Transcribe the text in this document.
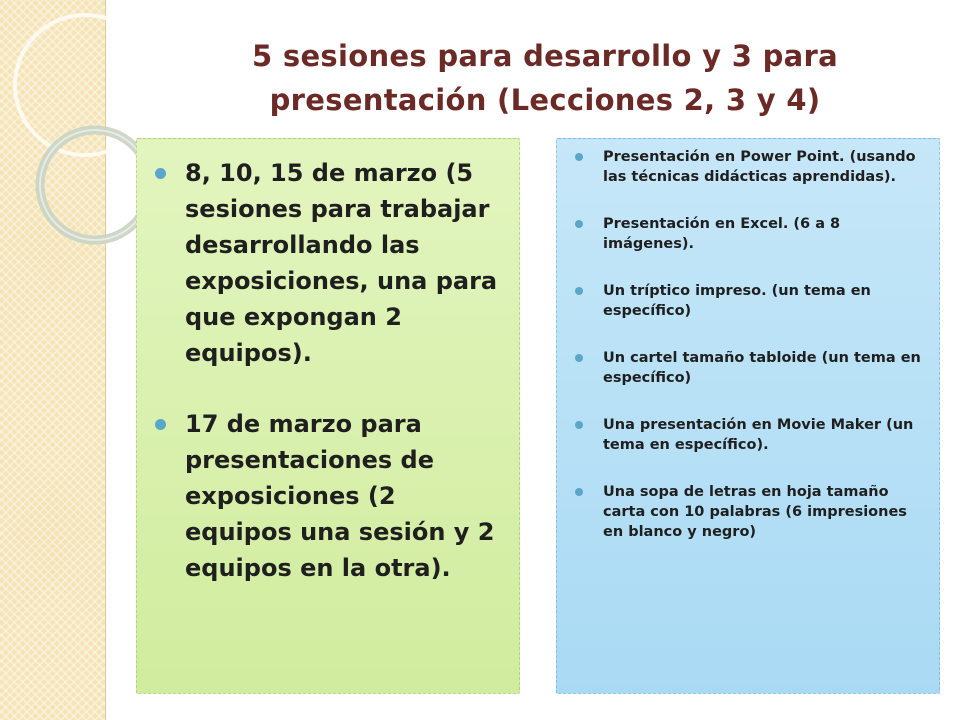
5 sesiones para desarrollo y 3 para
presentación (Lecciones 2, 3 y 4)
8, 10, 15 de marzo (5 sesiones para trabajar desarrollando las exposiciones, una para que expongan 2 equipos).
17 de marzo para presentaciones de exposiciones (2 equipos una sesión y 2 equipos en la otra).
Presentación en Power Point. (usando las técnicas didácticas aprendidas).
Presentación en Excel. (6 a 8 imágenes).
Un tríptico impreso. (un tema en específico)
Un cartel tamaño tabloide (un tema en específico)
Una presentación en Movie Maker (un tema en específico).
Una sopa de letras en hoja tamaño carta con 10 palabras (6 impresiones en blanco y negro)
